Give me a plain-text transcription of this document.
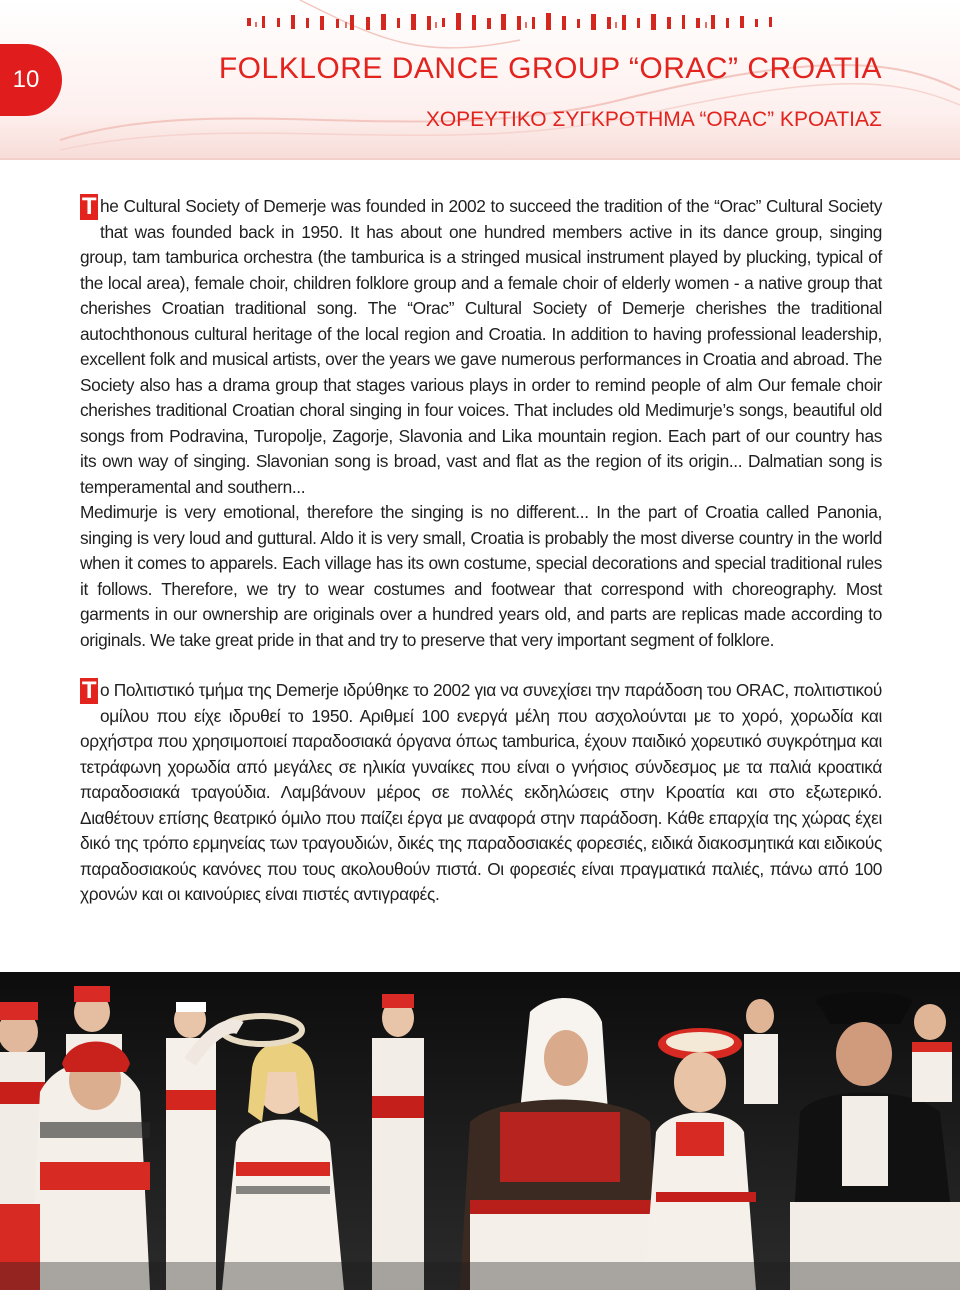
10	FOLKLORE DANCE GROUP “ORAC” CROATIA
ΧΟΡΕΥΤΙΚΟ ΣΥΓΚΡΟΤΗΜΑ “ORAC” ΚΡΟΑΤΙΑΣ
T he Cultural Society of Demerje was founded in 2002 to succeed the tradition of the “Orac” Cultural Society that was founded back in 1950. It has about one hundred members active in its dance group, singing group, tam tamburica orchestra (the tamburica is a stringed musical instrument played by plucking, typical of the local area), female choir, children folklore group and a female choir of elderly women - a native group that cherishes Croatian traditional song. The “Orac” Cultural Society of Demerje cherishes the traditional autochthonous cultural heritage of the local region and Croatia. In addition to having professional leadership, excellent folk and musical artists, over the years we gave numerous performances in Croatia and abroad. The Society also has a drama group that stages various plays in order to remind people of alm Our female choir cherishes traditional Croatian choral singing in four voices. That includes old Medimurje’s songs, beautiful old songs from Podravina, Turopolje, Zagorje, Slavonia and Lika mountain region. Each part of our country has its own way of singing. Slavonian song is broad, vast and flat as the region of its origin... Dalmatian song is temperamental and southern...

Medimurje is very emotional, therefore the singing is no different... In the part of Croatia called Panonia, singing is very loud and guttural. Aldo it is very small, Croatia is probably the most diverse country in the world when it comes to apparels. Each village has its own costume, special decorations and special traditional rules it follows. Therefore, we try to wear costumes and footwear that correspond with choreography. Most garments in our ownership are originals over a hundred years old, and parts are replicas made according to originals. We take great pride in that and try to preserve that very important segment of folklore.

T ο Πολιτιστικό τμήμα της Demerje ιδρύθηκε το 2002 για να συνεχίσει την παράδοση του ORAC, πολιτιστικού ομίλου που είχε ιδρυθεί το 1950. Αριθμεί 100 ενεργά μέλη που ασχολούνται με το χορό, χορωδία και ορχήστρα που χρησιμοποιεί παραδοσιακά όργανα όπως tamburica, έχουν παιδικό χορευτικό συγκρότημα και τετράφωνη χορωδία από μεγάλες σε ηλικία γυναίκες που είναι ο γνήσιος σύνδεσμος με τα παλιά κροατικά παραδοσιακά τραγούδια. Λαμβάνουν μέρος σε πολλές εκδηλώσεις στην Κροατία και στο εξωτερικό. Διαθέτουν επίσης θεατρικό όμιλο που παίζει έργα με αναφορά στην παράδοση. Κάθε επαρχία της χώρας έχει δικό της τρόπο ερμηνείας των τραγουδιών, δικές της παραδοσιακές φορεσιές, ειδικά διακοσμητικά και ειδικούς παραδοσιακούς κανόνες που τους ακολουθούν πιστά. Οι φορεσιές είναι πραγματικά παλιές, πάνω από 100 χρονών και οι καινούριες είναι πιστές αντιγραφές.
